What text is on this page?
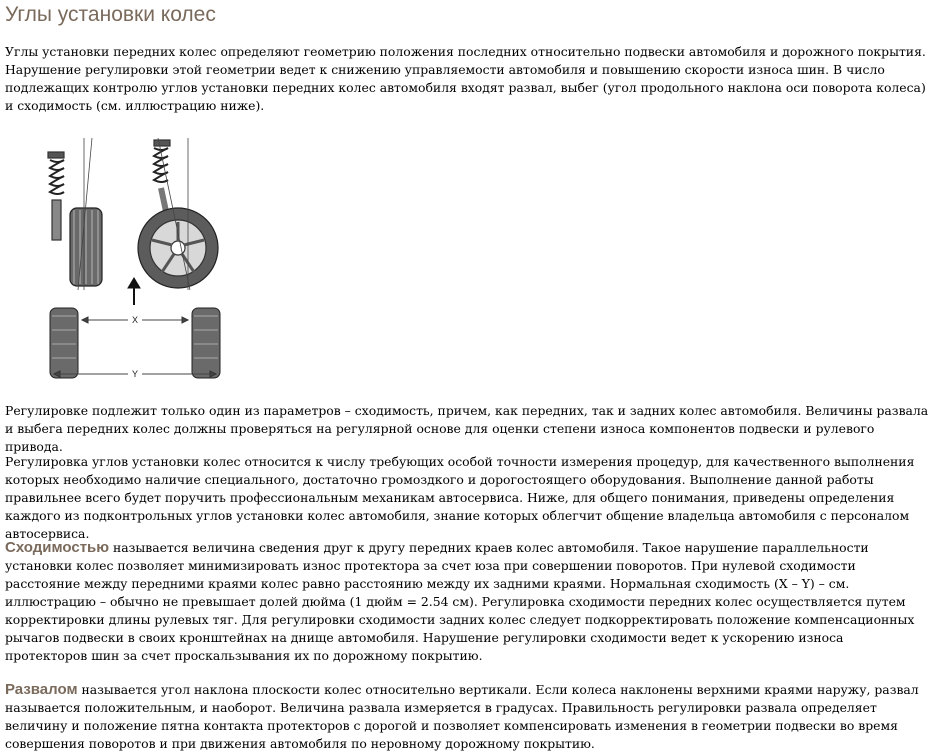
Углы установки колес

Углы установки передних колес определяют геометрию положения последних относительно подвески автомобиля и дорожного покрытия. Нарушение регулировки этой геометрии ведет к снижению управляемости автомобиля и повышению скорости износа шин. В число подлежащих контролю углов установки передних колес автомобиля входят развал, выбег (угол продольного наклона оси поворота колеса) и сходимость (см. иллюстрацию ниже).

X
Y

Регулировке подлежит только один из параметров – сходимость, причем, как передних, так и задних колес автомобиля. Величины развала и выбега передних колес должны проверяться на регулярной основе для оценки степени износа компонентов подвески и рулевого привода.

Регулировка углов установки колес относится к числу требующих особой точности измерения процедур, для качественного выполнения которых необходимо наличие специального, достаточно громоздкого и дорогостоящего оборудования. Выполнение данной работы правильнее всего будет поручить профессиональным механикам автосервиса. Ниже, для общего понимания, приведены определения каждого из подконтрольных углов установки колес автомобиля, знание которых облегчит общение владельца автомобиля с персоналом автосервиса.

Сходимостью называется величина сведения друг к другу передних краев колес автомобиля. Такое нарушение параллельности установки колес позволяет минимизировать износ протектора за счет юза при совершении поворотов. При нулевой сходимости расстояние между передними краями колес равно расстоянию между их задними краями. Нормальная сходимость (X – Y) – см. иллюстрацию – обычно не превышает долей дюйма (1 дюйм = 2.54 см). Регулировка сходимости передних колес осуществляется путем корректировки длины рулевых тяг. Для регулировки сходимости задних колес следует подкорректировать положение компенсационных рычагов подвески в своих кронштейнах на днище автомобиля. Нарушение регулировки сходимости ведет к ускорению износа протекторов шин за счет проскальзывания их по дорожному покрытию.

Развалом называется угол наклона плоскости колес относительно вертикали. Если колеса наклонены верхними краями наружу, развал называется положительным, и наоборот. Величина развала измеряется в градусах. Правильность регулировки развала определяет величину и положение пятна контакта протекторов с дорогой и позволяет компенсировать изменения в геометрии подвески во время совершения поворотов и при движения автомобиля по неровному дорожному покрытию.
